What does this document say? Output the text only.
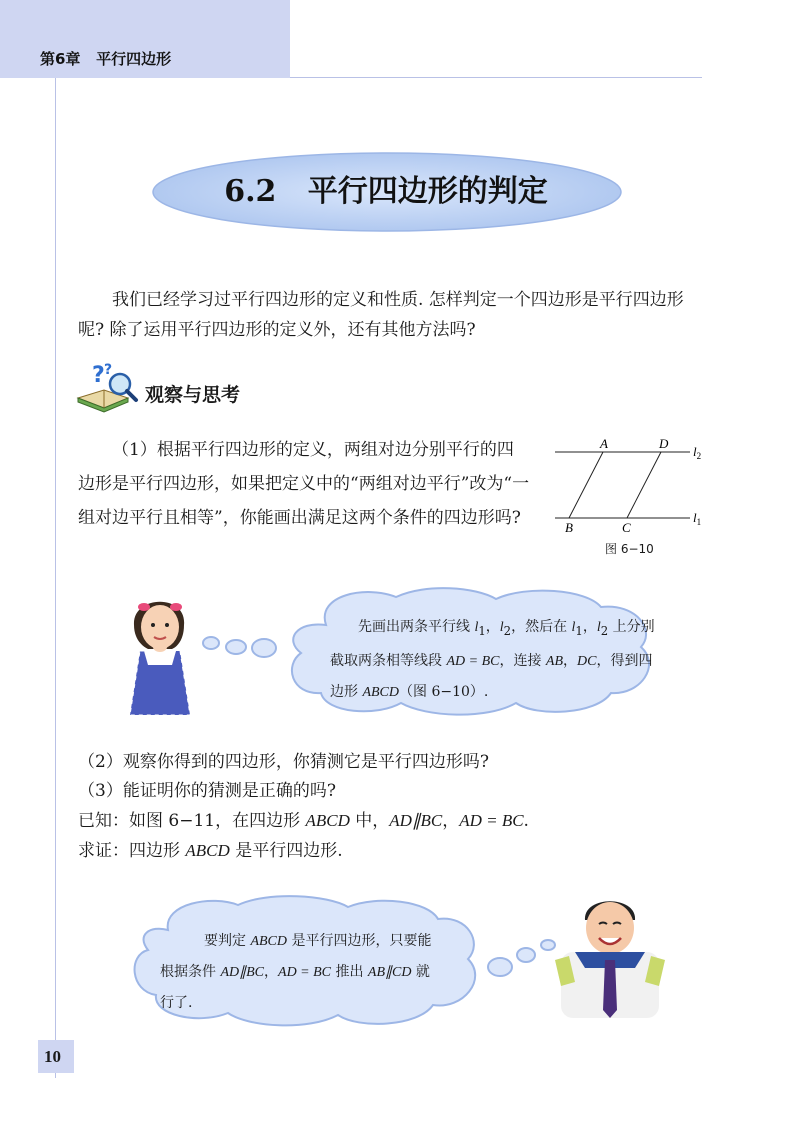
第6章 平行四边形
6.2 平行四边形的判定

我们已经学习过平行四边形的定义和性质. 怎样判定一个四边形是平行四边形呢? 除了运用平行四边形的定义外，还有其他方法吗?

? ?
观察与思考

（1）根据平行四边形的定义，两组对边分别平行的四边形是平行四边形，如果把定义中的“两组对边平行”改为“一组对边平行且相等”，你能画出满足这两个条件的四边形吗?

A	D
B	C
$l_2$
$l_1$
图 6−10

先画出两条平行线 $l_1$，$l_2$，然后在 $l_1$，$l_2$ 上分别截取两条相等线段 AD = BC，连接 AB，DC，得到四边形 ABCD（图 6−10）.

（2）观察你得到的四边形，你猜测它是平行四边形吗?
（3）能证明你的猜测是正确的吗?
已知：如图 6−11，在四边形 ABCD 中，AD∥BC，AD = BC.
求证：四边形 ABCD 是平行四边形.

要判定 ABCD 是平行四边形，只要能根据条件 AD∥BC，AD = BC 推出 AB∥CD 就行了.

10
